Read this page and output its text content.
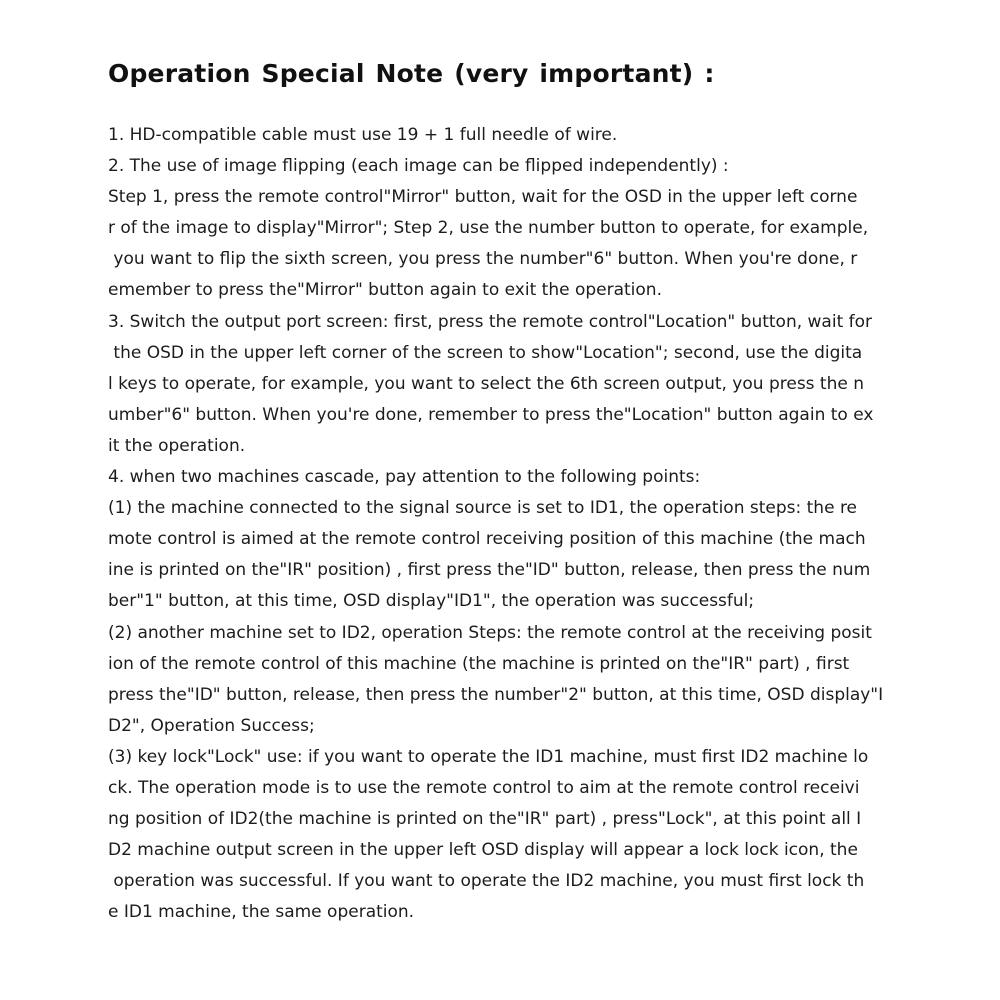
Operation Special Note (very important) :
1. HD-compatible cable must use 19 + 1 full needle of wire.
2. The use of image flipping (each image can be flipped independently) :
Step 1, press the remote control"Mirror" button, wait for the OSD in the upper left corne
r of the image to display"Mirror"; Step 2, use the number button to operate, for example,
you want to flip the sixth screen, you press the number"6" button. When you're done, r
emember to press the"Mirror" button again to exit the operation.
3. Switch the output port screen: first, press the remote control"Location" button, wait for
the OSD in the upper left corner of the screen to show"Location"; second, use the digita
l keys to operate, for example, you want to select the 6th screen output, you press the n
umber"6" button. When you're done, remember to press the"Location" button again to ex
it the operation.
4. when two machines cascade, pay attention to the following points:
(1) the machine connected to the signal source is set to ID1, the operation steps: the re
mote control is aimed at the remote control receiving position of this machine (the mach
ine is printed on the"IR" position) , first press the"ID" button, release, then press the num
ber"1" button, at this time, OSD display"ID1", the operation was successful;
(2) another machine set to ID2, operation Steps: the remote control at the receiving posit
ion of the remote control of this machine (the machine is printed on the"IR" part) , first
press the"ID" button, release, then press the number"2" button, at this time, OSD display"I
D2", Operation Success;
(3) key lock"Lock" use: if you want to operate the ID1 machine, must first ID2 machine lo
ck. The operation mode is to use the remote control to aim at the remote control receivi
ng position of ID2(the machine is printed on the"IR" part) , press"Lock", at this point all I
D2 machine output screen in the upper left OSD display will appear a lock lock icon, the
operation was successful. If you want to operate the ID2 machine, you must first lock th
e ID1 machine, the same operation.
